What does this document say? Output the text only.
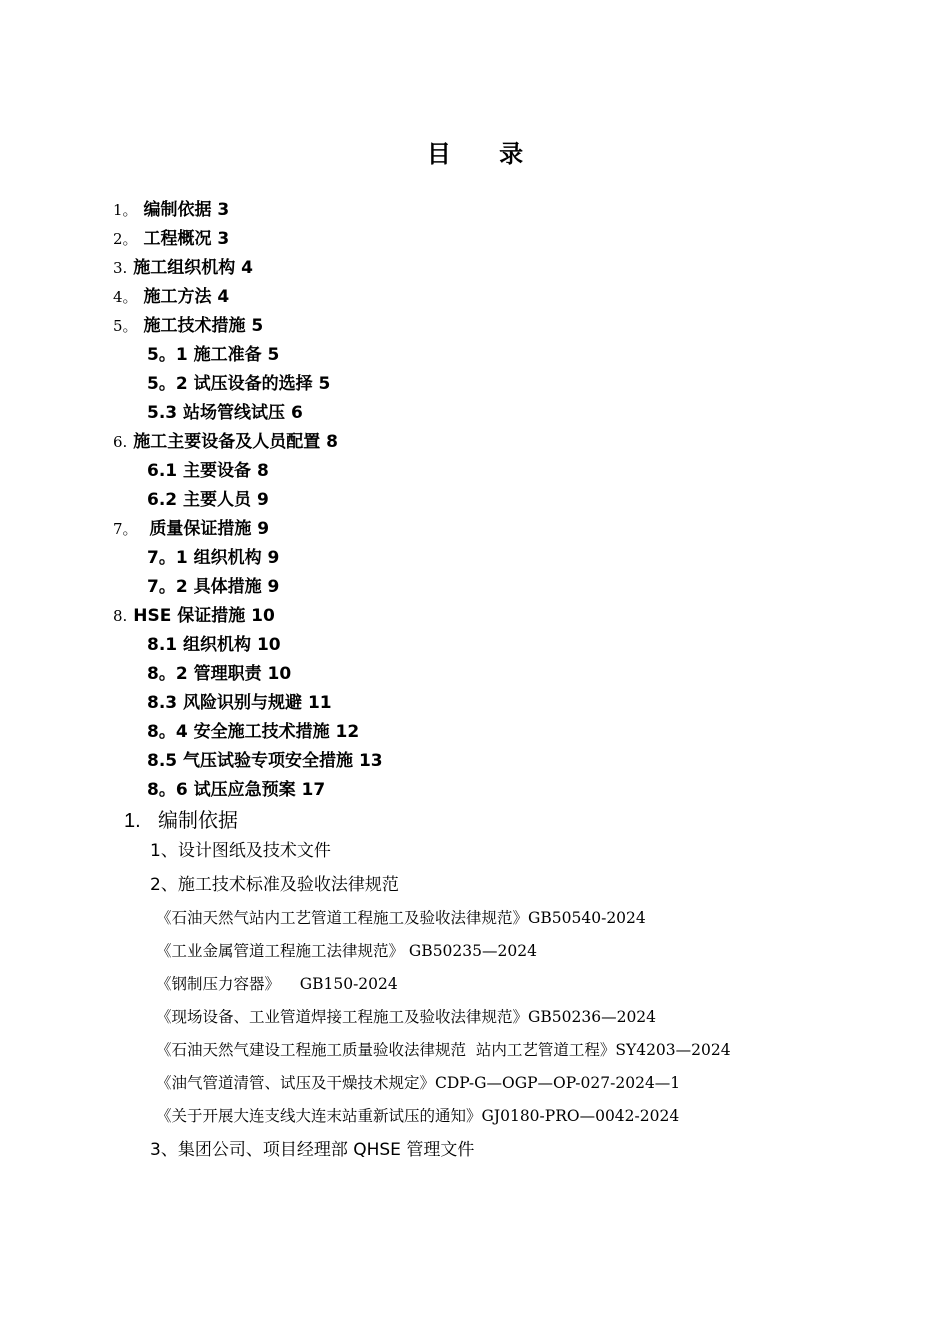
目 录
1。 编制依据 3
2。 工程概况 3
3. 施工组织机构 4
4。 施工方法 4
5。 施工技术措施 5
5。1 施工准备 5
5。2 试压设备的选择 5
5.3 站场管线试压 6
6. 施工主要设备及人员配置 8
6.1 主要设备 8
6.2 主要人员 9
7。  质量保证措施 9
7。1 组织机构 9
7。2 具体措施 9
8. HSE 保证措施 10
8.1 组织机构 10
8。2 管理职责 10
8.3 风险识别与规避 11
8。4 安全施工技术措施 12
8.5 气压试验专项安全措施 13
8。6 试压应急预案 17
1. 编制依据
1、设计图纸及技术文件
2、施工技术标准及验收法律规范
《石油天然气站内工艺管道工程施工及验收法律规范》GB50540-2024
《工业金属管道工程施工法律规范》 GB50235—2024
《钢制压力容器》    GB150-2024
《现场设备、工业管道焊接工程施工及验收法律规范》GB50236—2024
《石油天然气建设工程施工质量验收法律规范  站内工艺管道工程》SY4203—2024
《油气管道清管、试压及干燥技术规定》CDP-G—OGP—OP-027-2024—1
《关于开展大连支线大连末站重新试压的通知》GJ0180-PRO—0042-2024
3、集团公司、项目经理部 QHSE 管理文件
